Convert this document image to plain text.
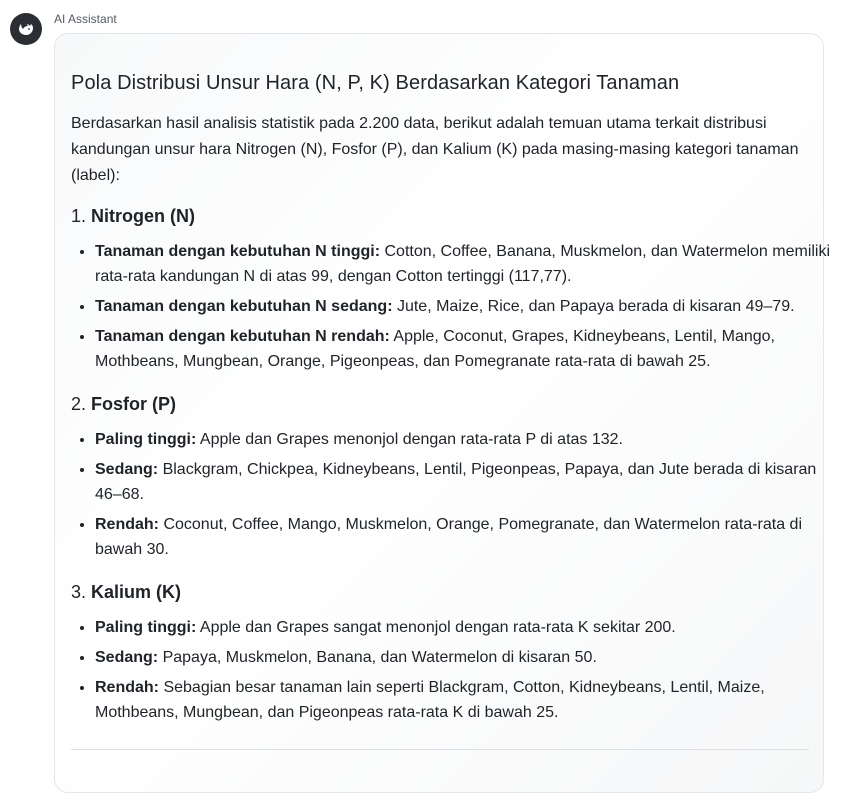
AI Assistant
Pola Distribusi Unsur Hara (N, P, K) Berdasarkan Kategori Tanaman

Berdasarkan hasil analisis statistik pada 2.200 data, berikut adalah temuan utama terkait distribusi kandungan unsur hara Nitrogen (N), Fosfor (P), dan Kalium (K) pada masing-masing kategori tanaman (label):

1. Nitrogen (N)
• Tanaman dengan kebutuhan N tinggi: Cotton, Coffee, Banana, Muskmelon, dan Watermelon memiliki rata-rata kandungan N di atas 99, dengan Cotton tertinggi (117,77).
• Tanaman dengan kebutuhan N sedang: Jute, Maize, Rice, dan Papaya berada di kisaran 49–79.
• Tanaman dengan kebutuhan N rendah: Apple, Coconut, Grapes, Kidneybeans, Lentil, Mango, Mothbeans, Mungbean, Orange, Pigeonpeas, dan Pomegranate rata-rata di bawah 25.
2. Fosfor (P)
• Paling tinggi: Apple dan Grapes menonjol dengan rata-rata P di atas 132.
• Sedang: Blackgram, Chickpea, Kidneybeans, Lentil, Pigeonpeas, Papaya, dan Jute berada di kisaran 46–68.
• Rendah: Coconut, Coffee, Mango, Muskmelon, Orange, Pomegranate, dan Watermelon rata-rata di bawah 30.
3. Kalium (K)
• Paling tinggi: Apple dan Grapes sangat menonjol dengan rata-rata K sekitar 200.
• Sedang: Papaya, Muskmelon, Banana, dan Watermelon di kisaran 50.
• Rendah: Sebagian besar tanaman lain seperti Blackgram, Cotton, Kidneybeans, Lentil, Maize, Mothbeans, Mungbean, dan Pigeonpeas rata-rata K di bawah 25.
